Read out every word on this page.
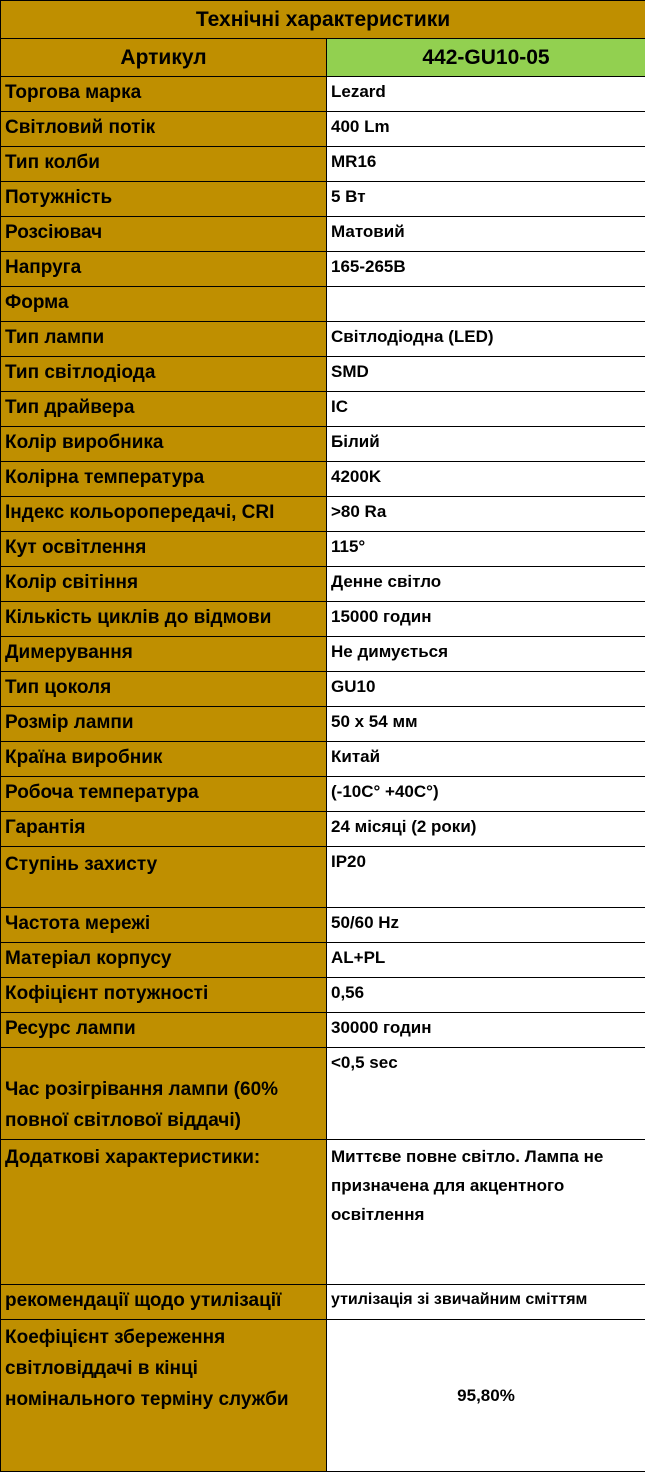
Технічні характеристики	
Артикул	442-GU10-05
Торгова марка	Lezard
Світловий потік	400 Lm
Тип колби	MR16
Потужність	5 Вт
Розсіювач	Матовий
Напруга	165-265В
Форма	
Тип лампи	Світлодіодна (LED)
Тип світлодіода	SMD
Тип драйвера	IC
Колір виробника	Білий
Колірна температура	4200K
Індекс кольоропередачі, CRI	>80 Ra
Кут освітлення	115°
Колір світіння	Денне світло
Кількість циклів до відмови	15000 годин
Димерування	Не димується
Тип цоколя	GU10
Розмір лампи	50 х 54 мм
Країна виробник	Китай
Робоча температура	(-10С° +40С°)
Гарантія	24 місяці (2 роки)
Ступінь захисту	IP20
Частота мережі	50/60 Hz
Матеріал корпусу	AL+PL
Кофіцієнт потужності	0,56
Ресурс лампи	30000 годин
Час розігрівання лампи (60% повної світлової віддачі)	<0,5 sec
Додаткові характеристики:	Миттєве повне світло. Лампа не призначена для акцентного освітлення
рекомендації щодо утилізації	утилізація зі звичайним сміттям
Коефіцієнт збереження світловіддачі в кінці номінального терміну служби	95,80%
